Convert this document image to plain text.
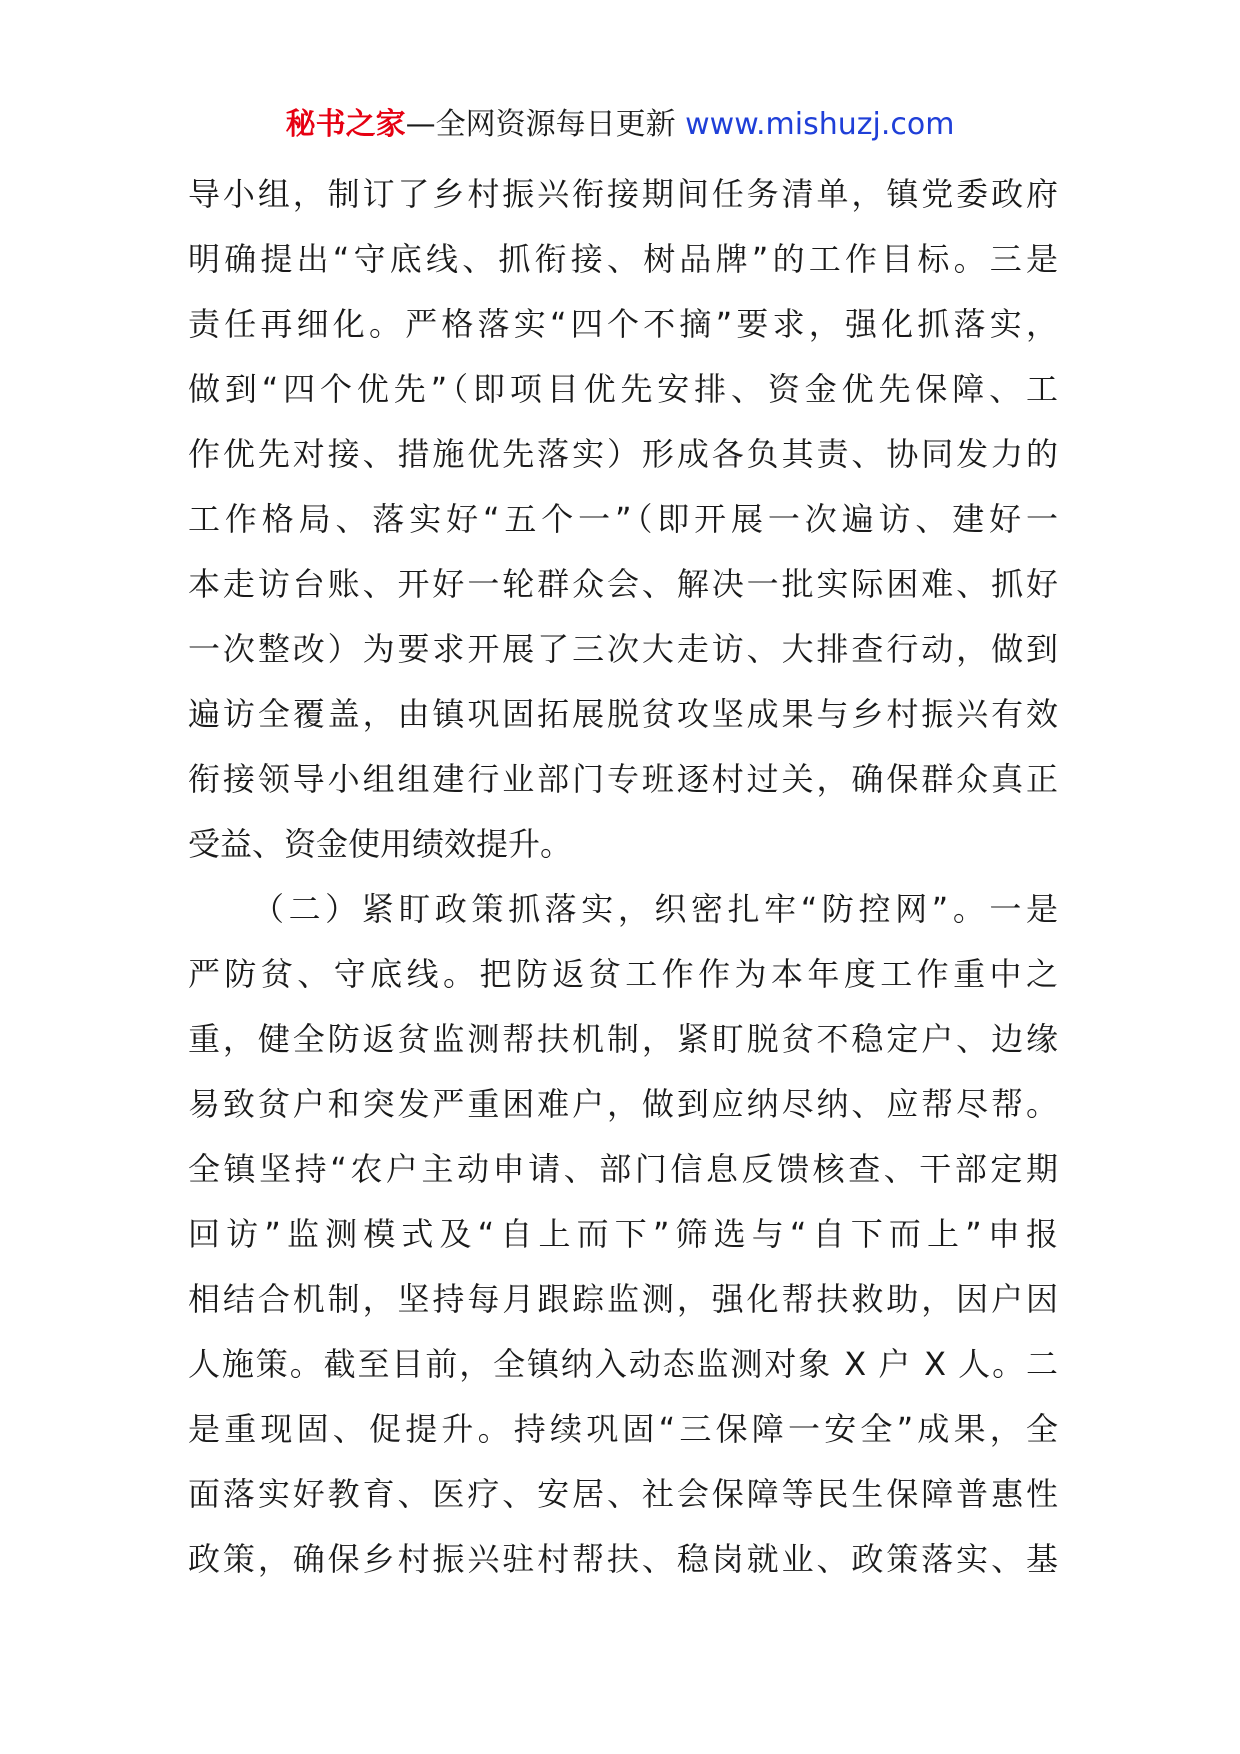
秘书之家—全网资源每日更新 www.mishuzj.com
导小组，制订了乡村振兴衔接期间任务清单，镇党委政府
明确提出“守底线、抓衔接、树品牌”的工作目标。三是
责任再细化。严格落实“四个不摘”要求，强化抓落实，
做到“四个优先”（即项目优先安排、资金优先保障、工
作优先对接、措施优先落实）形成各负其责、协同发力的
工作格局、落实好“五个一”（即开展一次遍访、建好一
本走访台账、开好一轮群众会、解决一批实际困难、抓好
一次整改）为要求开展了三次大走访、大排查行动，做到
遍访全覆盖，由镇巩固拓展脱贫攻坚成果与乡村振兴有效
衔接领导小组组建行业部门专班逐村过关，确保群众真正
受益、资金使用绩效提升。
（二）紧盯政策抓落实，织密扎牢“防控网”。一是
严防贫、守底线。把防返贫工作作为本年度工作重中之
重，健全防返贫监测帮扶机制，紧盯脱贫不稳定户、边缘
易致贫户和突发严重困难户，做到应纳尽纳、应帮尽帮。
全镇坚持“农户主动申请、部门信息反馈核查、干部定期
回访”监测模式及“自上而下”筛选与“自下而上”申报
相结合机制，坚持每月跟踪监测，强化帮扶救助，因户因
人施策。截至目前，全镇纳入动态监测对象 X 户 X 人。二
是重现固、促提升。持续巩固“三保障一安全”成果，全
面落实好教育、医疗、安居、社会保障等民生保障普惠性
政策，确保乡村振兴驻村帮扶、稳岗就业、政策落实、基
